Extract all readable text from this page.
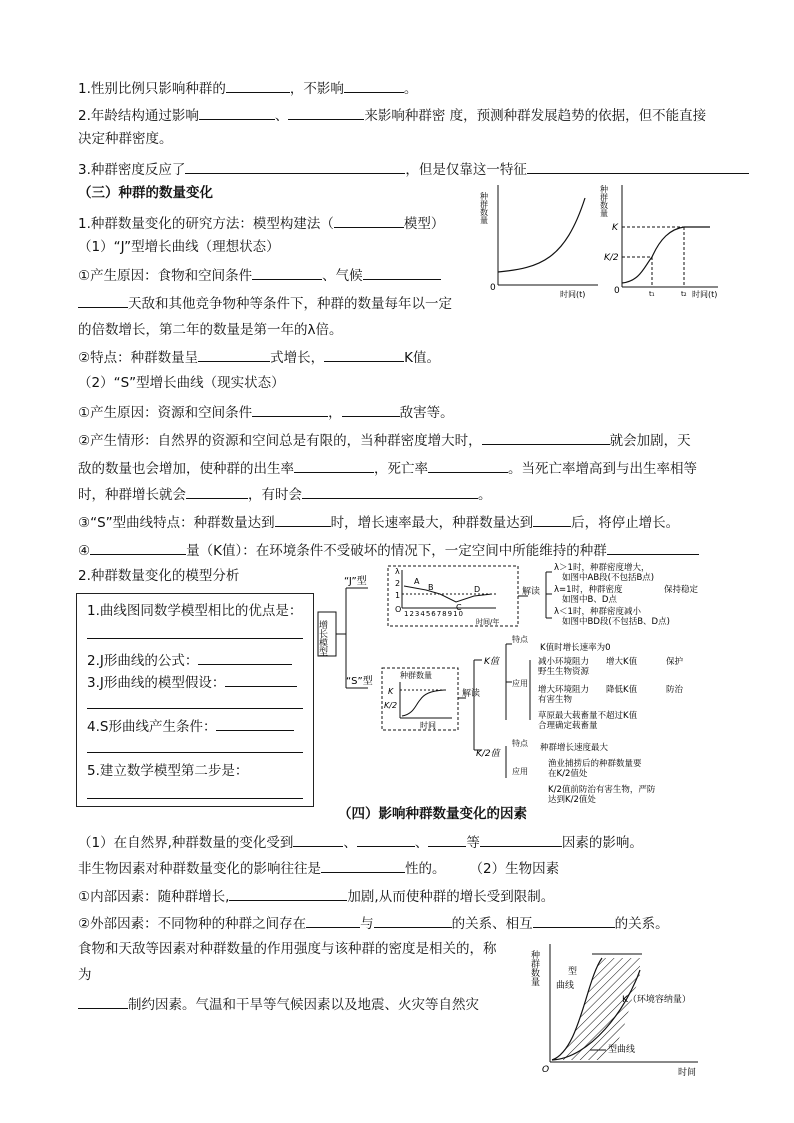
1.性别比例只影响种群的	，不影响	。
2.年龄结构通过影响	、	来影响种群密 度，预测种群发展趋势的依据，但不能直接
决定种群密度。
3.种群密度反应了	，但是仅靠这一特征
（三）种群的数量变化
1.种群数量变化的研究方法：模型构建法（	模型）
（1）“J”型增长曲线（理想状态）
①产生原因：食物和空间条件	、气候
天敌和其他竞争物种等条件下，种群的数量每年以一定
的倍数增长，第二年的数量是第一年的λ倍。
②特点：种群数量呈	式增长，	K值。
（2）“S”型增长曲线（现实状态）
①产生原因：资源和空间条件	，	敌害等。
②产生情形：自然界的资源和空间总是有限的，当种群密度增大时，	就会加剧，天
敌的数量也会增加，使种群的出生率	，死亡率	。当死亡率增高到与出生率相等
时，种群增长就会	，有时会	。
③“S”型曲线特点：种群数量达到	时，增长速率最大，种群数量达到	后，将停止增长。
④	量（K值）：在环境条件不受破坏的情况下，一定空间中所能维持的种群
2.种群数量变化的模型分析
种群数量
0
时间(t)
种群数量
K
K/2
0	t₁	t₂ 时间(t)
1.曲线图同数学模型相比的优点是：
2.J形曲线的公式：
3.J形曲线的模型假设：
4.S形曲线产生条件：
5.建立数学模型第二步是：
增长模型
“J”型
“S”型
λ
2
1
O
A
B
C
D
12345678910
时间/年
解读
λ＞1时，种群密度增大，
如图中AB段(不包括B点)
λ=1时，种群密度	保持稳定
如图中B、D点
λ＜1时，种群密度减小
如图中BD段(不包括B、D点)
种群数量
K
K/2
时间
解读
K值
特点
K值时增长速率为0
应用
减小环境阻力 增大K值	保护
野生生物资源
增大环境阻力 降低K值	防治
有害生物
草原最大载畜量不超过K值
合理确定载畜量
K/2值
特点 种群增长速度最大
应用
渔业捕捞后的种群数量要
在K/2值处
K/2值前防治有害生物，严防
达到K/2值处
（四）影响种群数量变化的因素
（1）在自然界,种群数量的变化受到	、	、	等	因素的影响。
非生物因素对种群数量变化的影响往往是	性的。 （2）生物因素
①内部因素：随种群增长,	加剧,从而使种群的增长受到限制。
②外部因素：不同物种的种群之间存在	与	的关系、相互	的关系。
食物和天敌等因素对种群数量的作用强度与该种群的密度是相关的，称
为
制约因素。气温和干旱等气候因素以及地震、火灾等自然灾
种群数量
O	时间
型
曲线
K（环境容纳量）
型曲线
